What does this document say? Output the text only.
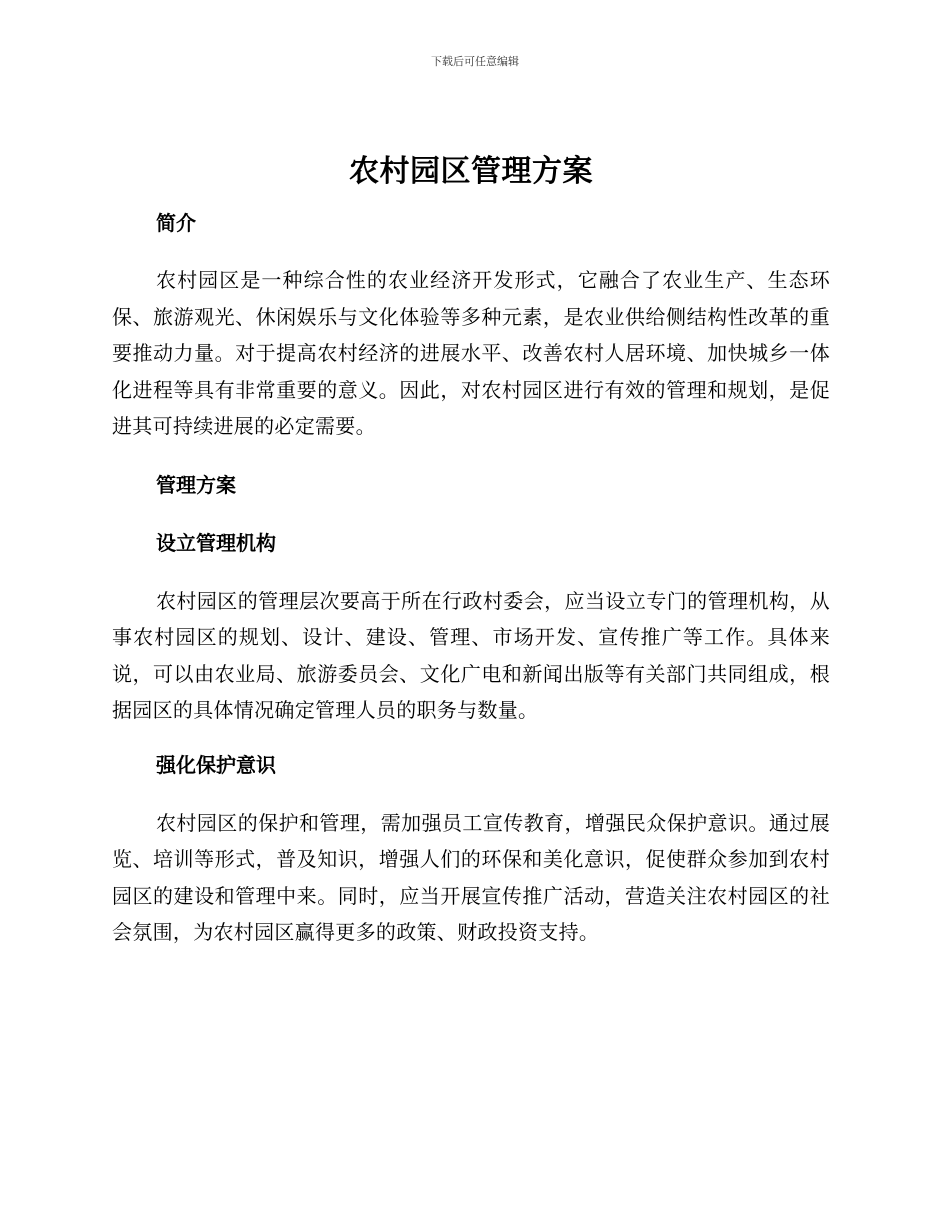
下载后可任意编辑
农村园区管理方案
简介

农村园区是一种综合性的农业经济开发形式，它融合了农业生产、生态环保、旅游观光、休闲娱乐与文化体验等多种元素，是农业供给侧结构性改革的重要推动力量。对于提高农村经济的进展水平、改善农村人居环境、加快城乡一体化进程等具有非常重要的意义。因此，对农村园区进行有效的管理和规划，是促进其可持续进展的必定需要。

管理方案
设立管理机构

农村园区的管理层次要高于所在行政村委会，应当设立专门的管理机构，从事农村园区的规划、设计、建设、管理、市场开发、宣传推广等工作。具体来说，可以由农业局、旅游委员会、文化广电和新闻出版等有关部门共同组成，根据园区的具体情况确定管理人员的职务与数量。

强化保护意识

农村园区的保护和管理，需加强员工宣传教育，增强民众保护意识。通过展览、培训等形式，普及知识，增强人们的环保和美化意识，促使群众参加到农村园区的建设和管理中来。同时，应当开展宣传推广活动，营造关注农村园区的社会氛围，为农村园区赢得更多的政策、财政投资支持。
